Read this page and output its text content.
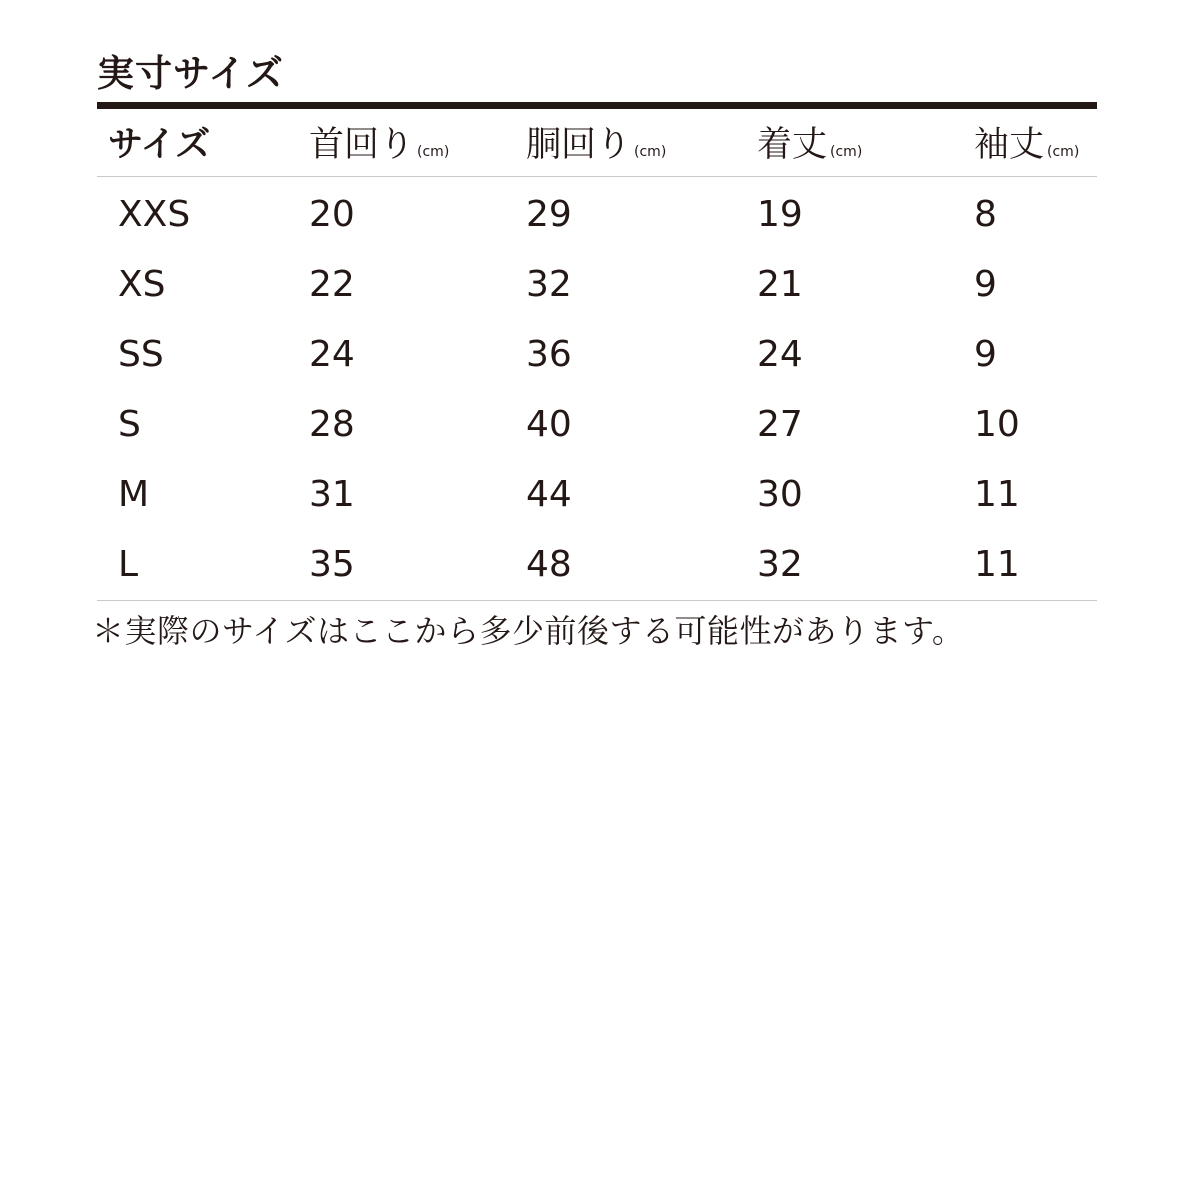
実寸サイズ
サイズ	首回り (cm) 胴回り (cm)	着丈 (cm)	袖丈 (cm)
XXS	20	29	19	8
XS	22	32	21	9
SS	24	36	24	9
S	28	40	27	10
M	31	44	30	11
L	35	48	32	11
＊実際のサイズはここから多少前後する可能性があります。
